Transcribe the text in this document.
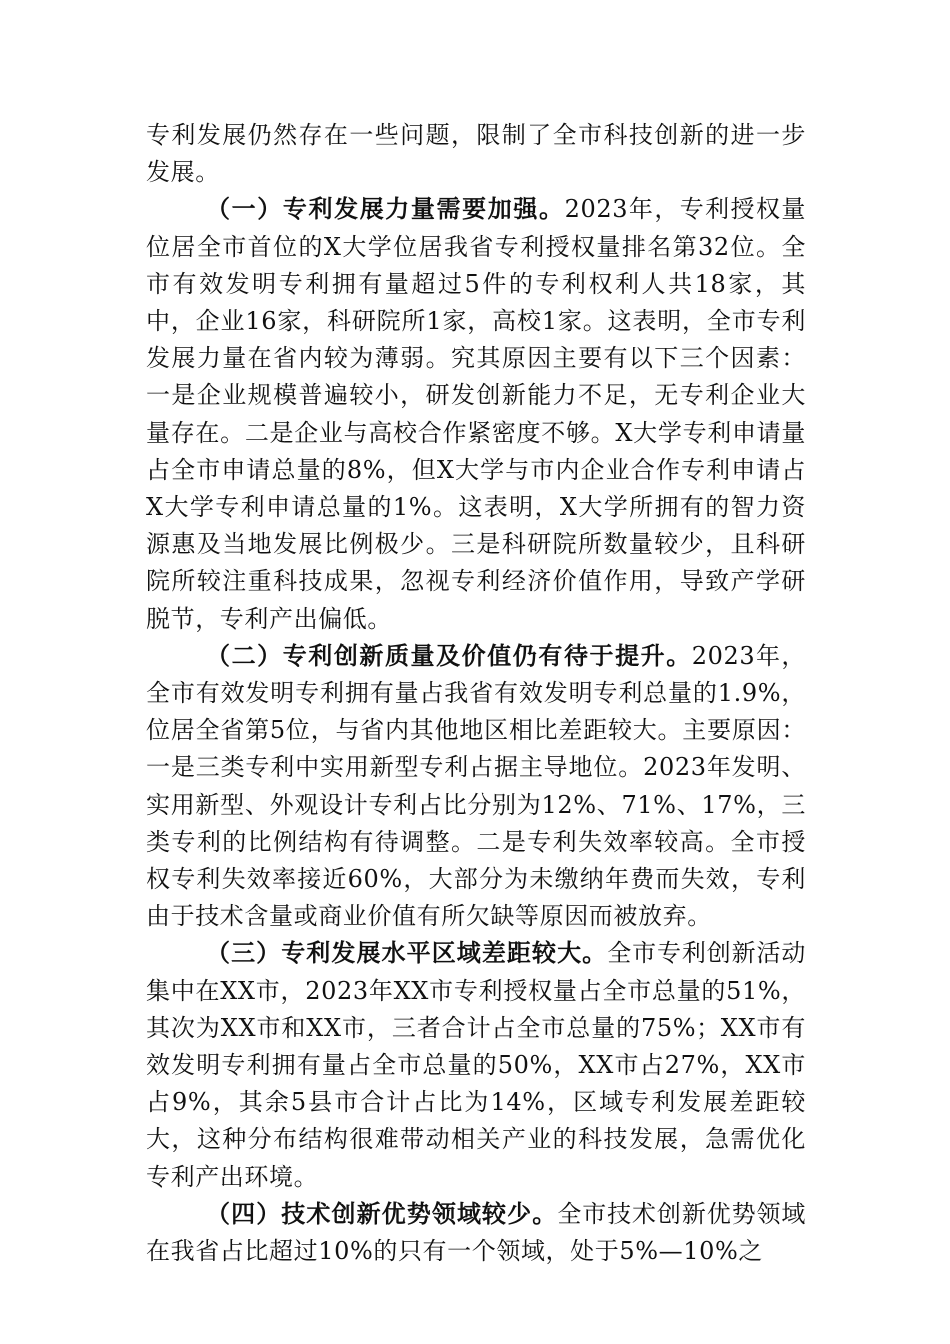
专利发展仍然存在一些问题，限制了全市科技创新的进一步发展。

（一）专利发展力量需要加强。2023年，专利授权量位居全市首位的X大学位居我省专利授权量排名第32位。全市有效发明专利拥有量超过5件的专利权利人共18家，其中，企业16家，科研院所1家，高校1家。这表明，全市专利发展力量在省内较为薄弱。究其原因主要有以下三个因素：一是企业规模普遍较小，研发创新能力不足，无专利企业大量存在。二是企业与高校合作紧密度不够。X大学专利申请量占全市申请总量的8%，但X大学与市内企业合作专利申请占X大学专利申请总量的1%。这表明，X大学所拥有的智力资源惠及当地发展比例极少。三是科研院所数量较少，且科研院所较注重科技成果，忽视专利经济价值作用，导致产学研脱节，专利产出偏低。

（二）专利创新质量及价值仍有待于提升。2023年，全市有效发明专利拥有量占我省有效发明专利总量的1.9%，位居全省第5位，与省内其他地区相比差距较大。主要原因：一是三类专利中实用新型专利占据主导地位。2023年发明、实用新型、外观设计专利占比分别为12%、71%、17%，三类专利的比例结构有待调整。二是专利失效率较高。全市授权专利失效率接近60%，大部分为未缴纳年费而失效，专利由于技术含量或商业价值有所欠缺等原因而被放弃。

（三）专利发展水平区域差距较大。全市专利创新活动集中在XX市，2023年XX市专利授权量占全市总量的51%，其次为XX市和XX市，三者合计占全市总量的75%；XX市有效发明专利拥有量占全市总量的50%，XX市占27%，XX市占9%，其余5县市合计占比为14%，区域专利发展差距较大，这种分布结构很难带动相关产业的科技发展，急需优化专利产出环境。

（四）技术创新优势领域较少。全市技术创新优势领域在我省占比超过10%的只有一个领域，处于5%—10%之
